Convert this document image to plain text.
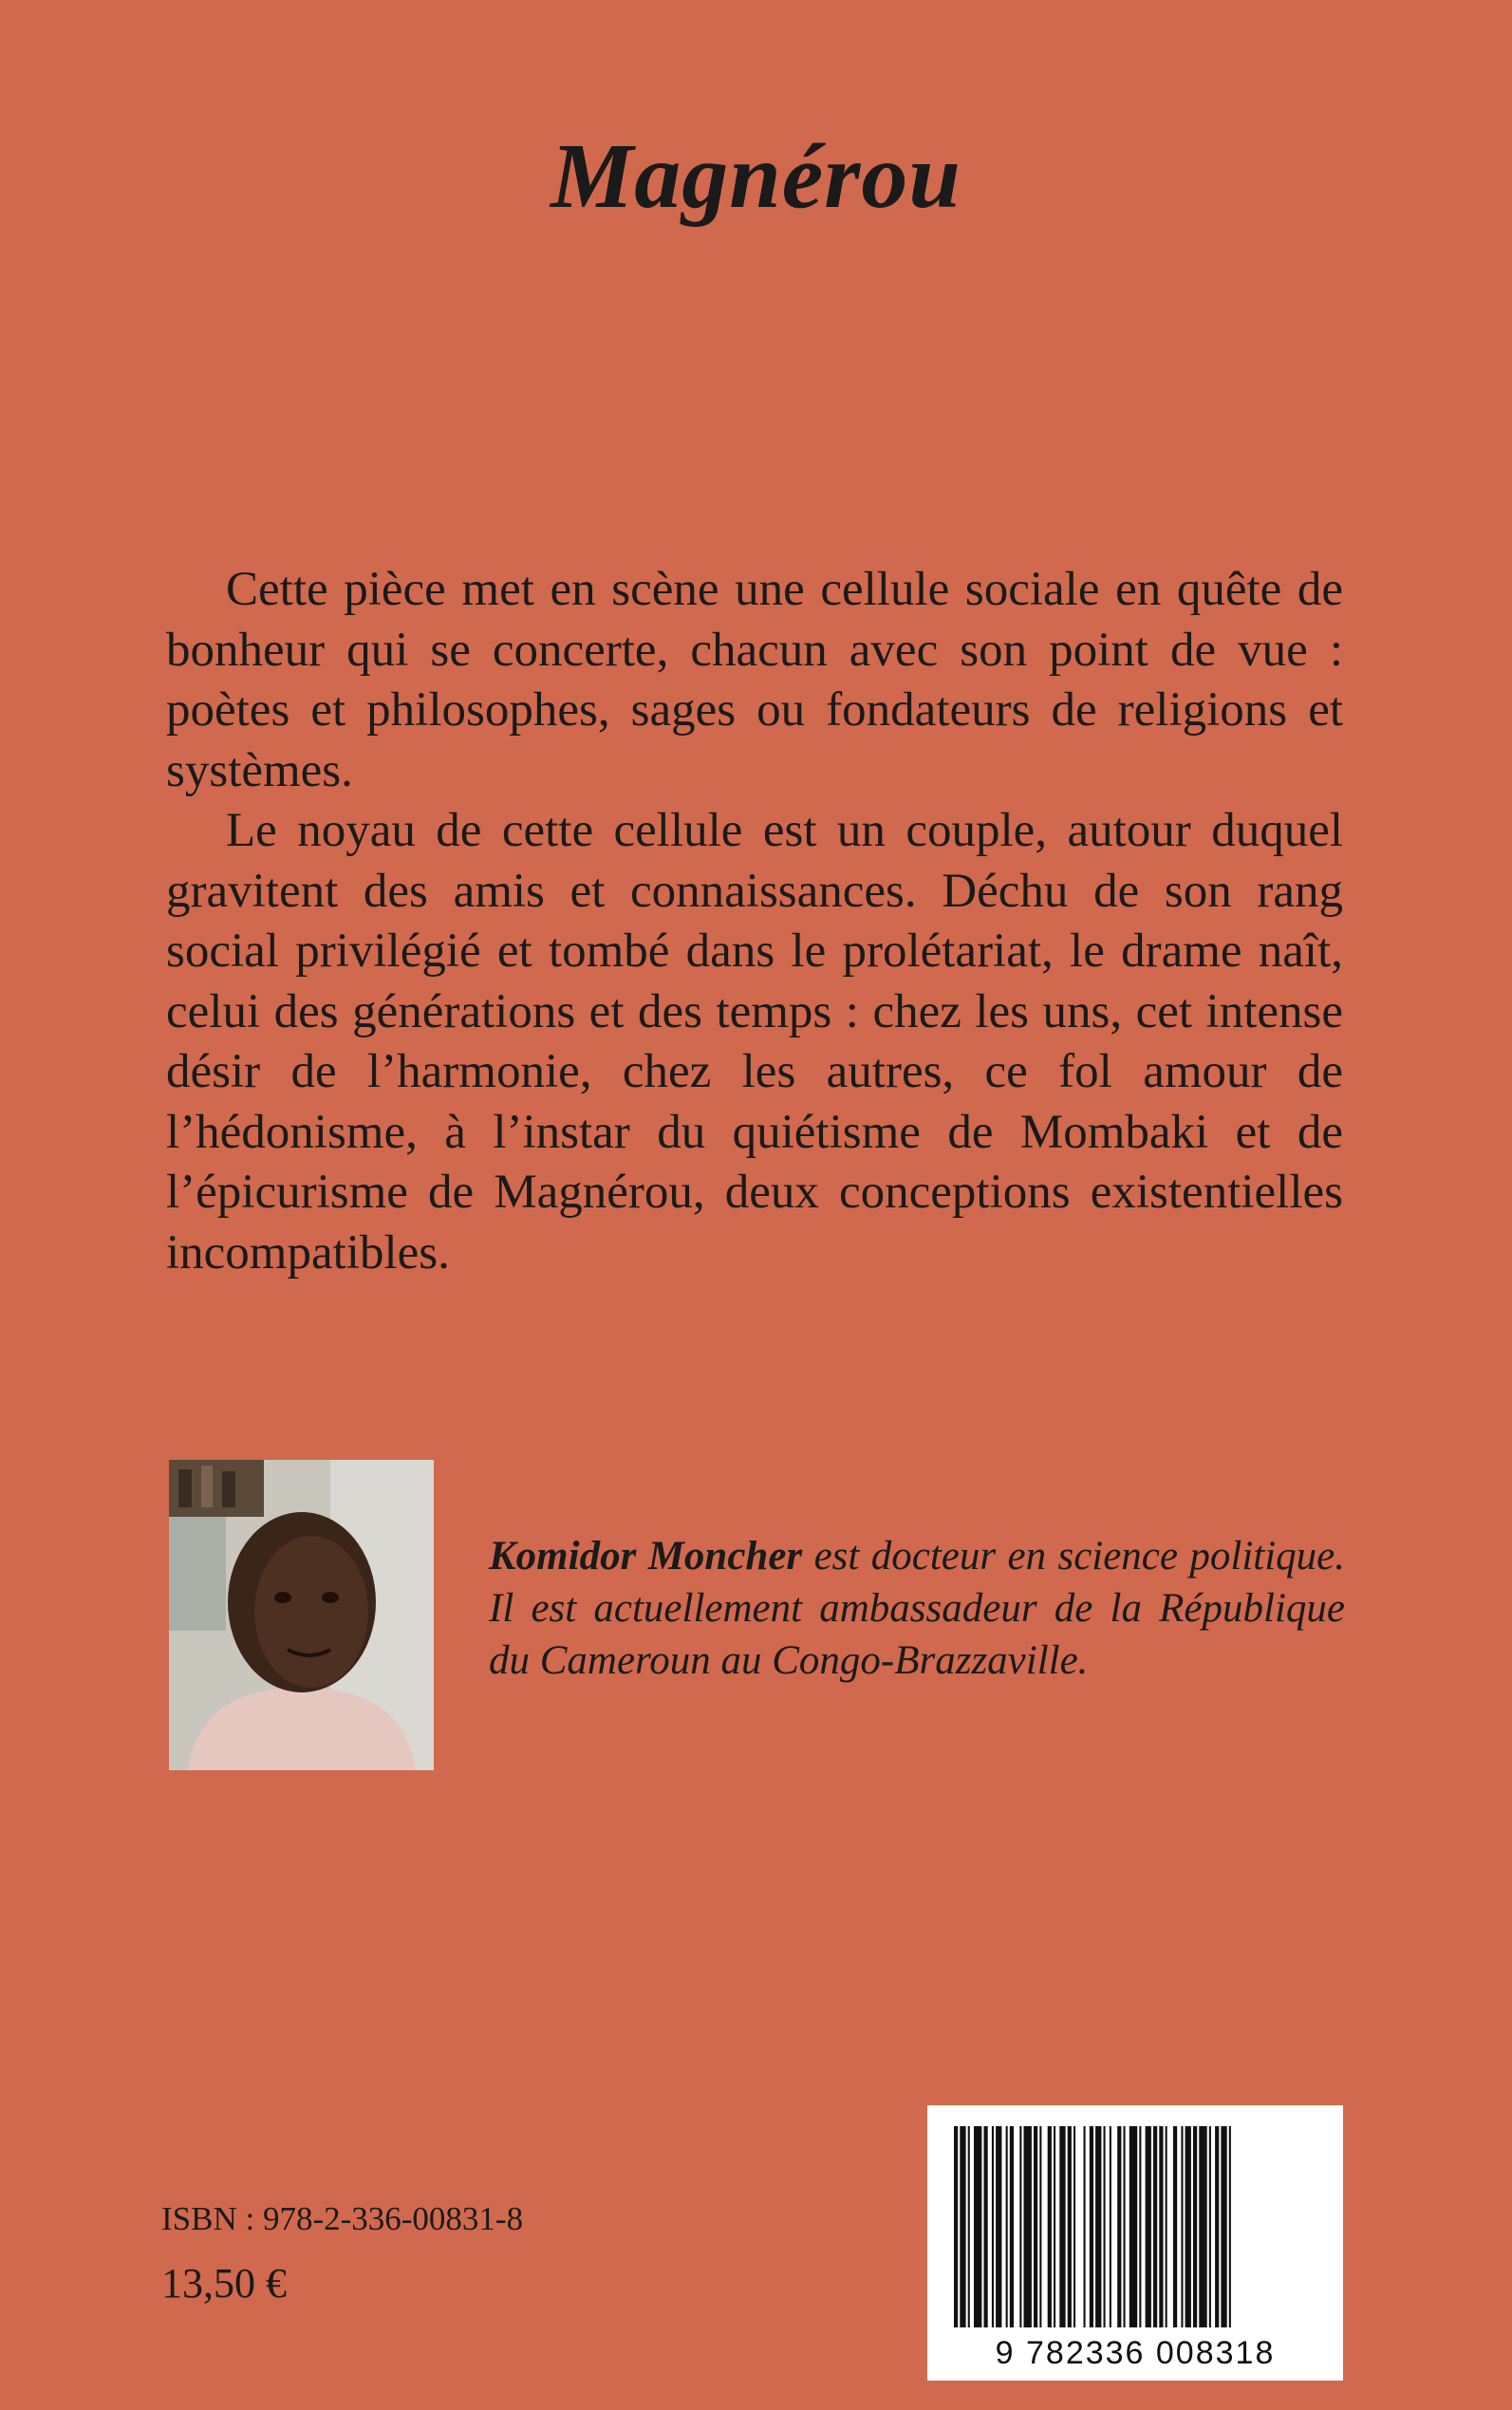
Magnérou

Cette pièce met en scène une cellule sociale en quête de bonheur qui se concerte, chacun avec son point de vue : poètes et philosophes, sages ou fondateurs de religions et systèmes.

Le noyau de cette cellule est un couple, autour duquel gravitent des amis et connaissances. Déchu de son rang social privilégié et tombé dans le prolétariat, le drame naît, celui des générations et des temps : chez les uns, cet intense désir de l’harmonie, chez les autres, ce fol amour de l’hédonisme, à l’instar du quiétisme de Mombaki et de l’épicurisme de Magnérou, deux conceptions existentielles incompatibles.

Komidor Moncher est docteur en science politique. Il est actuellement ambassadeur de la République du Cameroun au Congo-Brazzaville.
9 782336 008318
ISBN : 978-2-336-00831-8
13,50 €
